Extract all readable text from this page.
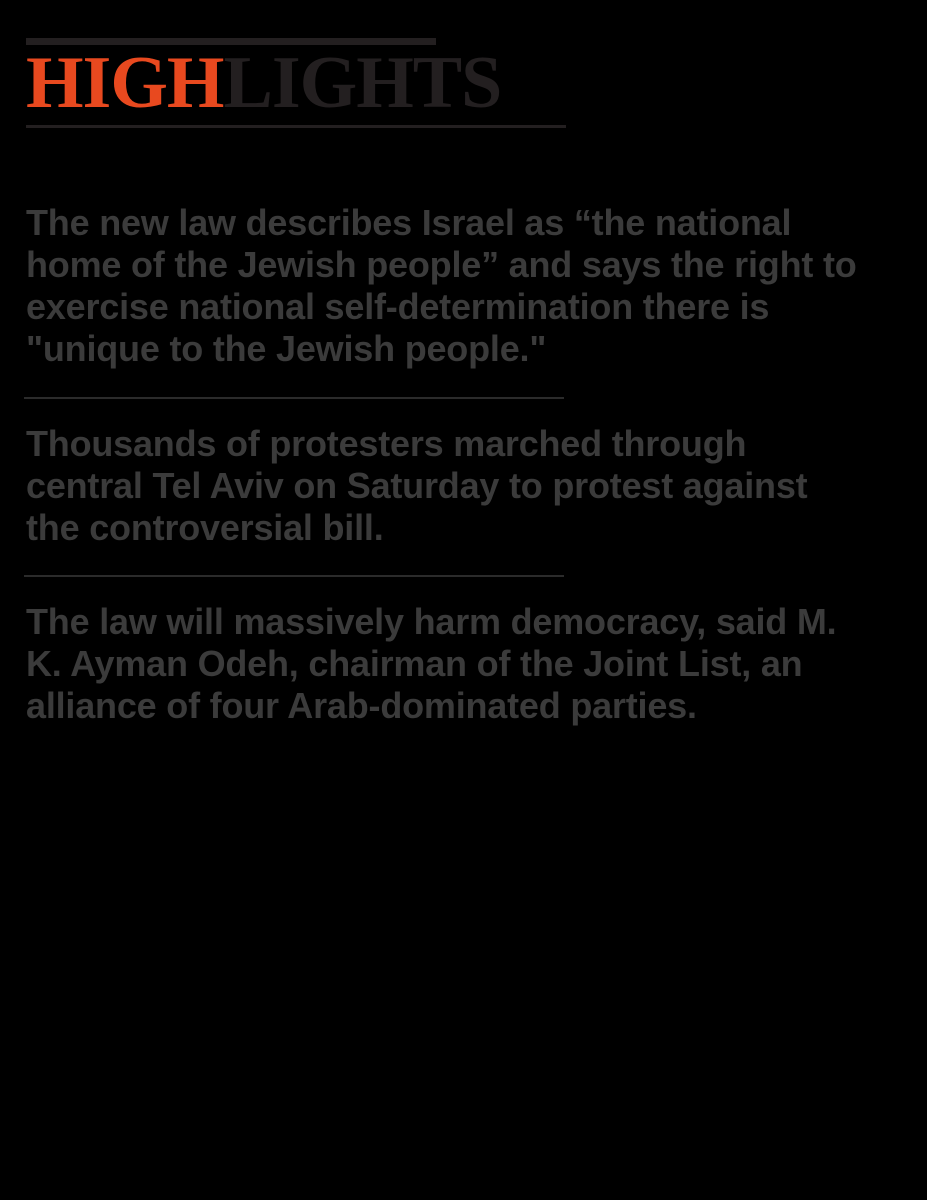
HIGHLIGHTS

The new law describes Israel as “the national home of the Jewish people” and says the right to exercise national self-determination there is "unique to the Jewish people."

Thousands of protesters marched through central Tel Aviv on Saturday to protest against the controversial bill.

The law will massively harm democracy, said M. K. Ayman Odeh, chairman of the Joint List, an alliance of four Arab-dominated parties.
